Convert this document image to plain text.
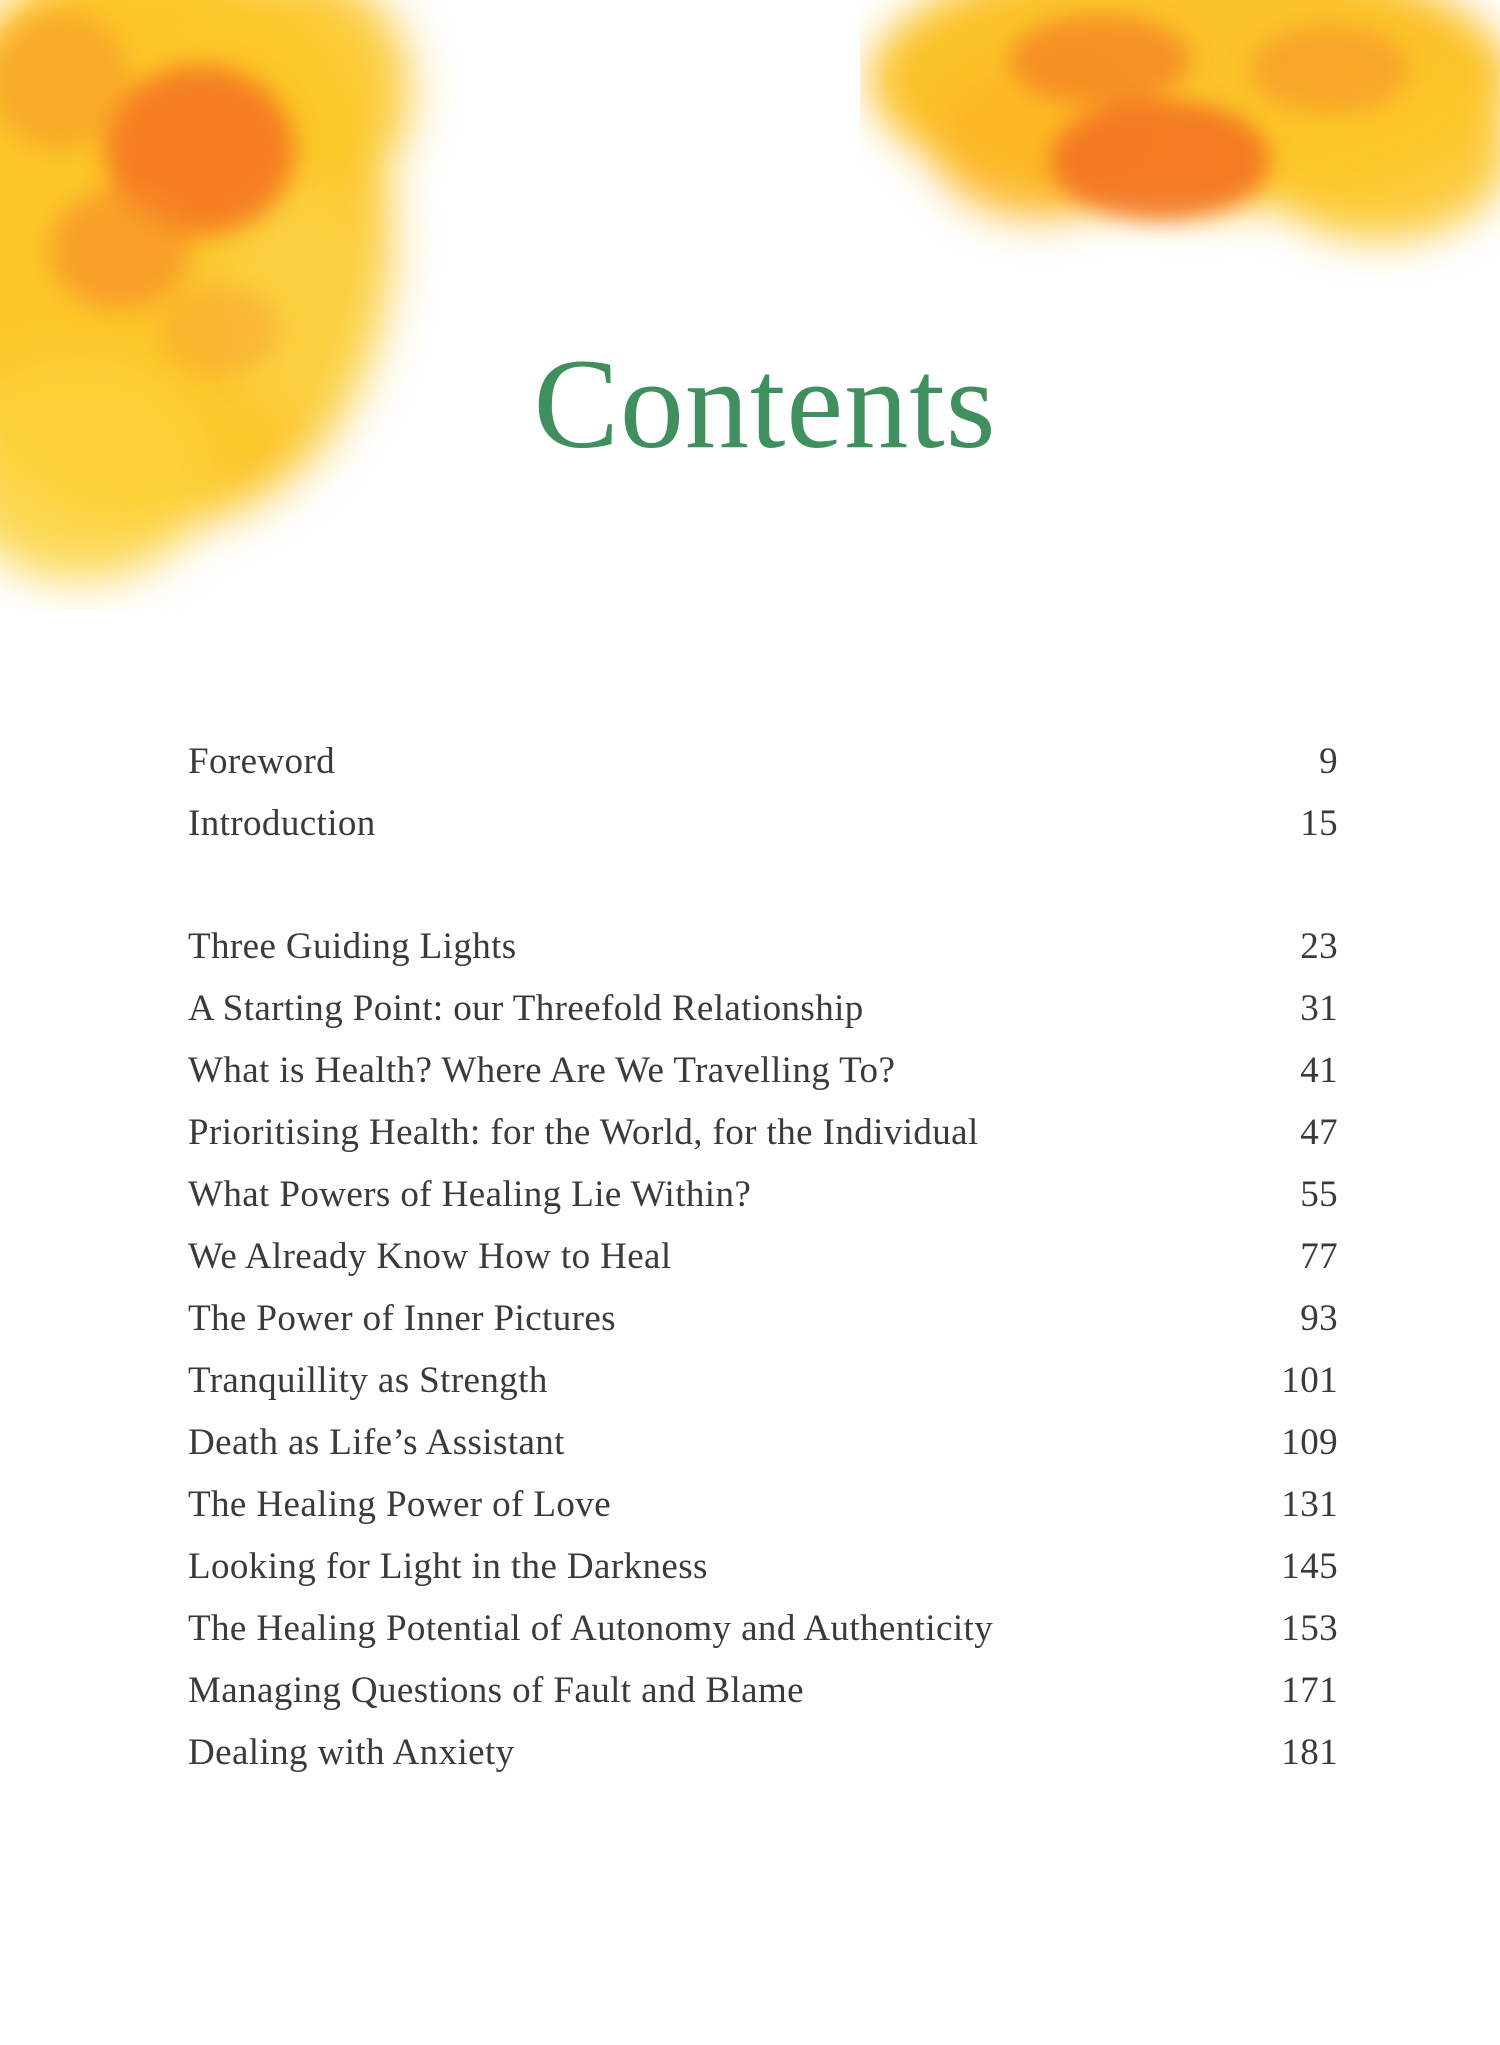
Contents
Foreword	9
Introduction	15
Three Guiding Lights	23
A Starting Point: our Threefold Relationship	31
What is Health? Where Are We Travelling To?	41
Prioritising Health: for the World, for the Individual	47
What Powers of Healing Lie Within?	55
We Already Know How to Heal	77
The Power of Inner Pictures	93
Tranquillity as Strength	101
Death as Life’s Assistant	109
The Healing Power of Love	131
Looking for Light in the Darkness	145
The Healing Potential of Autonomy and Authenticity	153
Managing Questions of Fault and Blame	171
Dealing with Anxiety	181
